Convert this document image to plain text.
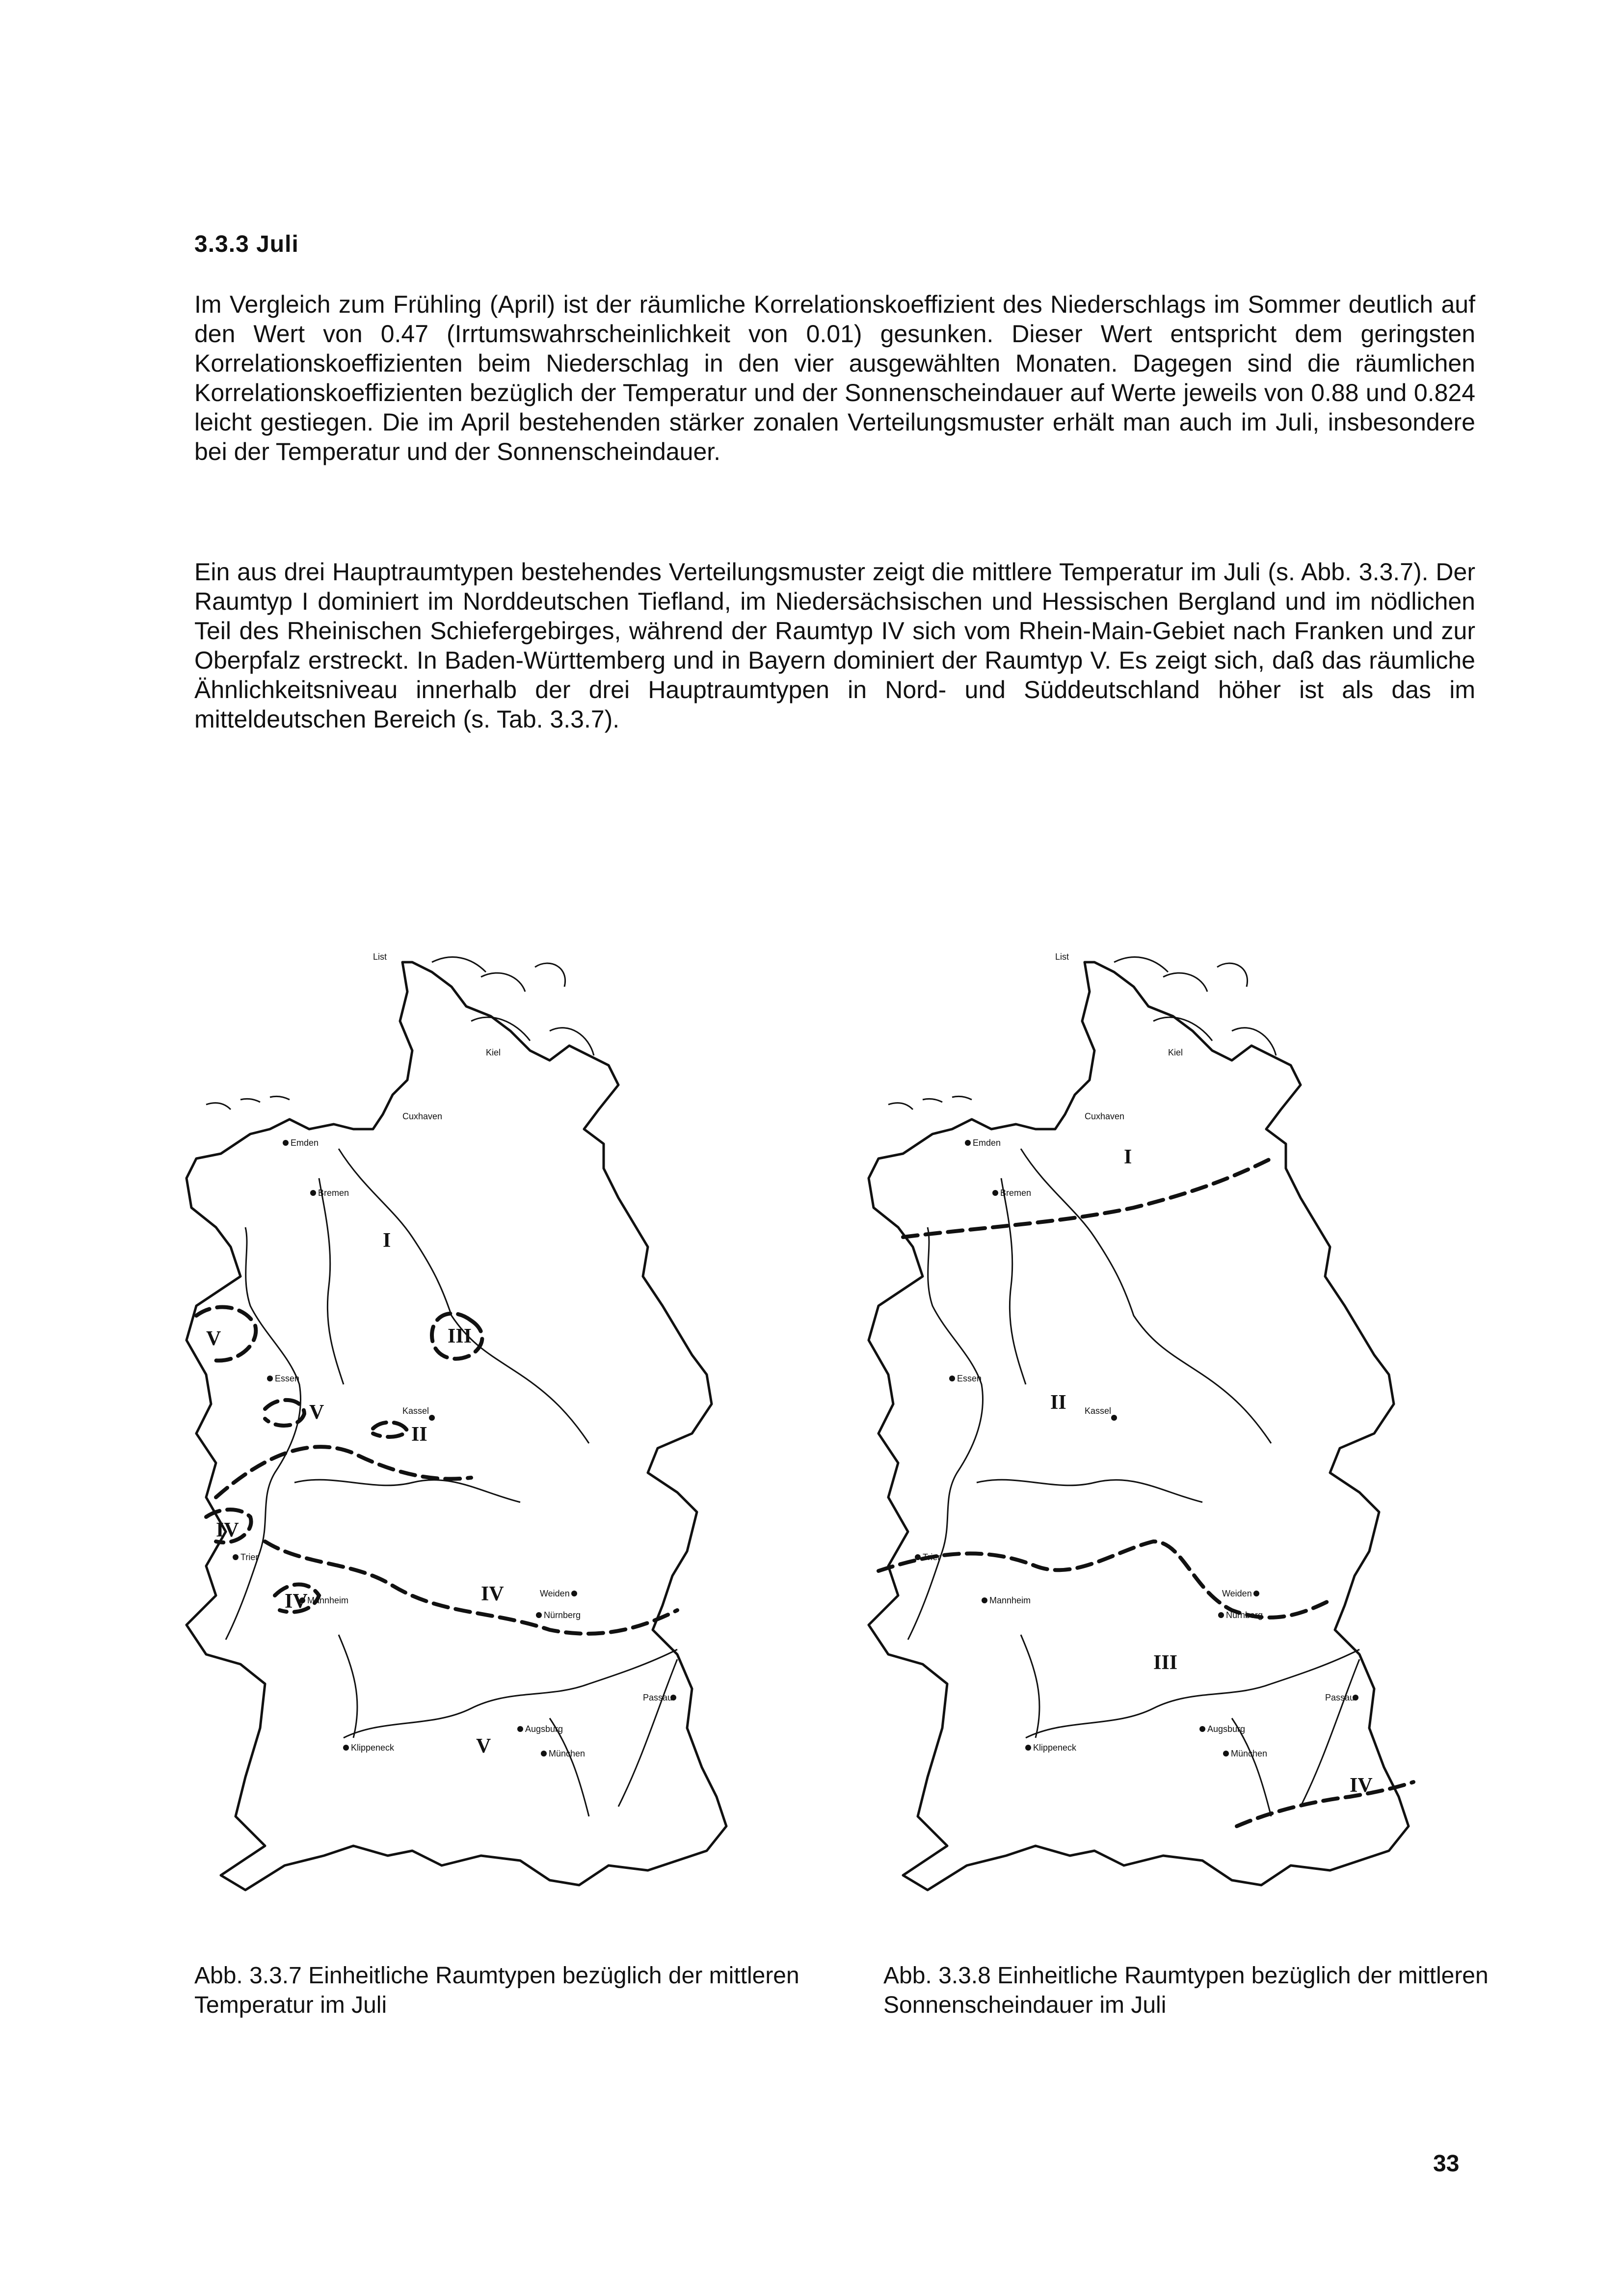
3.3.3 Juli

Im Vergleich zum Frühling (April) ist der räumliche Korrelationskoeffizient des Niederschlags im Sommer deutlich auf den Wert von 0.47 (Irrtumswahrscheinlichkeit von 0.01) gesunken. Dieser Wert entspricht dem geringsten Korrelationskoeffizienten beim Niederschlag in den vier ausgewählten Monaten. Dagegen sind die räumlichen Korrelationskoeffizienten bezüglich der Temperatur und der Sonnenscheindauer auf Werte jeweils von 0.88 und 0.824 leicht gestiegen. Die im April bestehenden stärker zonalen Verteilungsmuster erhält man auch im Juli, insbesondere bei der Temperatur und der Sonnenscheindauer.

Ein aus drei Hauptraumtypen bestehendes Verteilungsmuster zeigt die mittlere Temperatur im Juli (s. Abb. 3.3.7). Der Raumtyp I dominiert im Norddeutschen Tiefland, im Niedersächsischen und Hessischen Bergland und im nödlichen Teil des Rheinischen Schiefergebirges, während der Raumtyp IV sich vom Rhein-Main-Gebiet nach Franken und zur Oberpfalz erstreckt. In Baden-Württemberg und in Bayern dominiert der Raumtyp V. Es zeigt sich, daß das räumliche Ähnlichkeitsniveau innerhalb der drei Hauptraumtypen in Nord- und Süddeutschland höher ist als das im mitteldeutschen Bereich (s. Tab. 3.3.7).

List
Kiel
Cuxhaven
Emden
Bremen
Essen
Kassel
Trier
Mannheim
Weiden
Nürnberg
Passau
Augsburg
Klippeneck
München
I
II
III
IV
IV	IV
V
V
V
List
Kiel
Cuxhaven
Emden
Bremen
Essen
Kassel
Trier
Mannheim
Weiden
Nürnberg
Passau
Augsburg
Klippeneck
München
I
II
III
IV

Abb. 3.3.7 Einheitliche Raumtypen bezüglich der mittleren Temperatur im Juli

Abb. 3.3.8 Einheitliche Raumtypen bezüglich der mittleren Sonnenscheindauer im Juli

33
